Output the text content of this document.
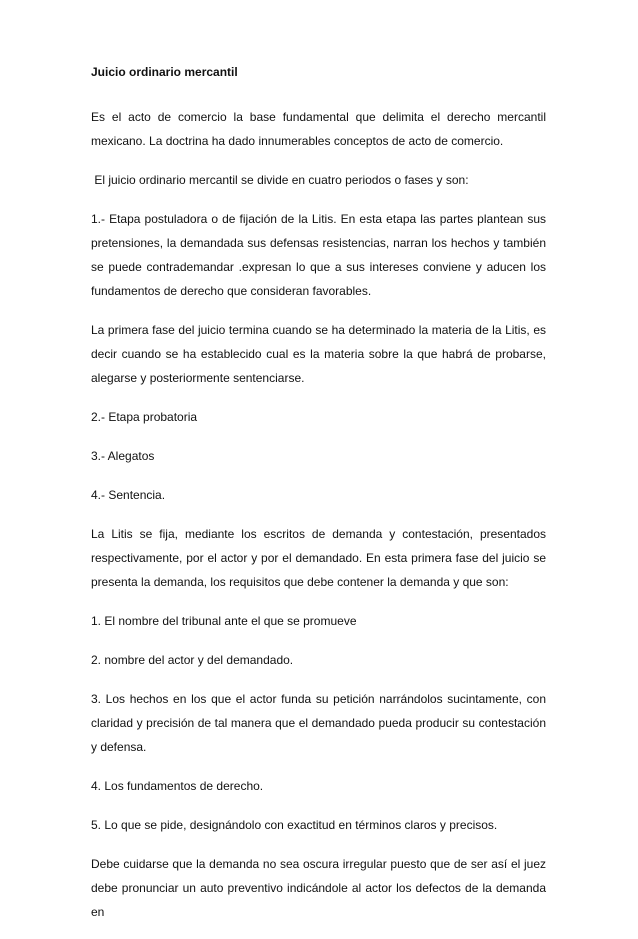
Juicio ordinario mercantil
Es el acto de comercio la base fundamental que delimita el derecho mercantil mexicano. La doctrina ha dado innumerables conceptos de acto de comercio.
El juicio ordinario mercantil se divide en cuatro periodos o fases y son:
1.- Etapa postuladora o de fijación de la Litis. En esta etapa las partes plantean sus pretensiones, la demandada sus defensas resistencias, narran los hechos y también se puede contrademandar .expresan lo que a sus intereses conviene y aducen los fundamentos de derecho que consideran favorables.
La primera fase del juicio termina cuando se ha determinado la materia de la Litis, es decir cuando se ha establecido cual es la materia sobre la que habrá de probarse, alegarse y posteriormente sentenciarse.
2.- Etapa probatoria
3.- Alegatos
4.- Sentencia.
La Litis se fija, mediante los escritos de demanda y contestación, presentados respectivamente, por el actor y por el demandado. En esta primera fase del juicio se presenta la demanda, los requisitos que debe contener la demanda y que son:
1. El nombre del tribunal ante el que se promueve
2. nombre del actor y del demandado.
3. Los hechos en los que el actor funda su petición narrándolos sucintamente, con claridad y precisión de tal manera que el demandado pueda producir su contestación y defensa.
4. Los fundamentos de derecho.
5. Lo que se pide, designándolo con exactitud en términos claros y precisos.
Debe cuidarse que la demanda no sea oscura irregular puesto que de ser así el juez debe pronunciar un auto preventivo indicándole al actor los defectos de la demanda en
